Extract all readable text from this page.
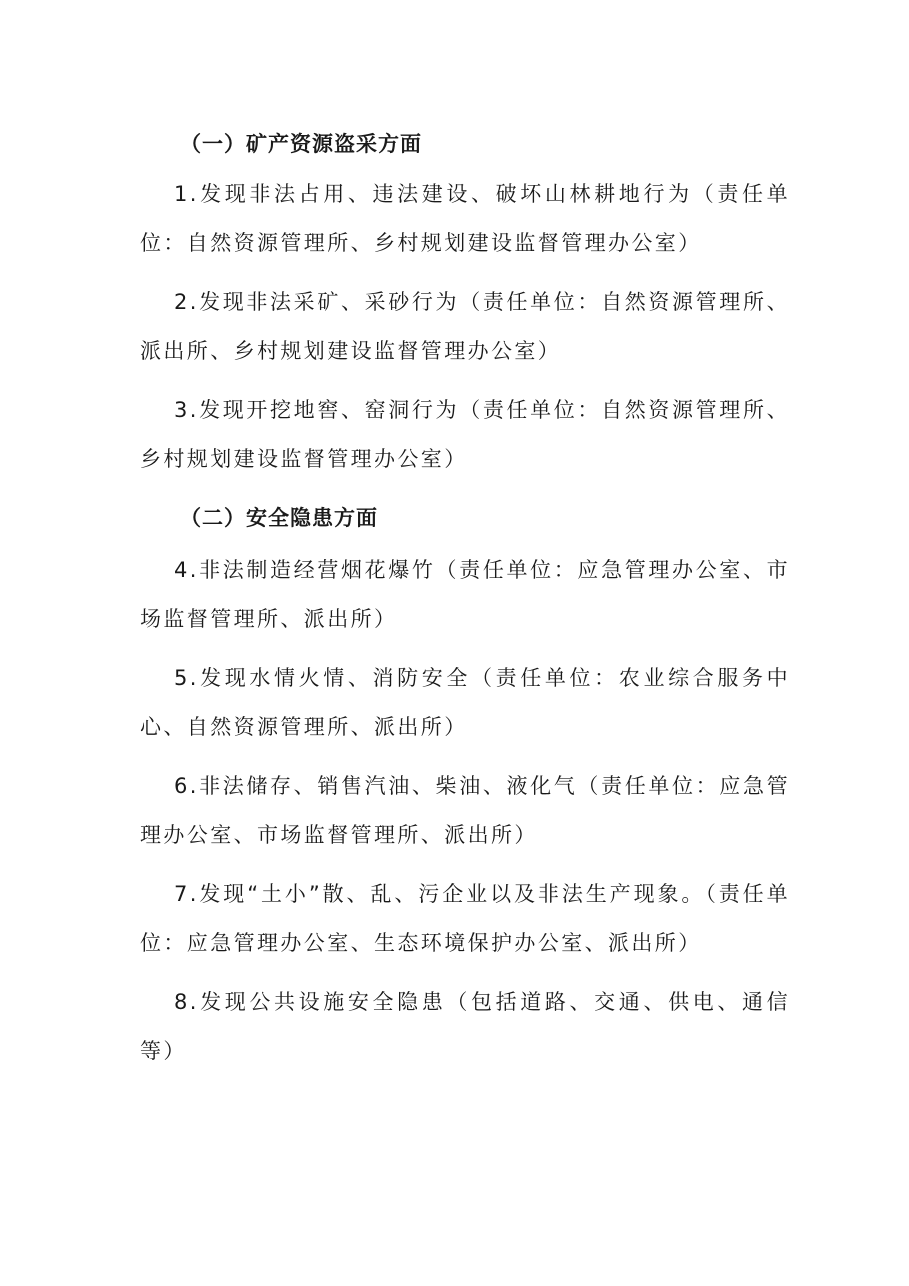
（一）矿产资源盗采方面

1.发现非法占用、违法建设、破坏山林耕地行为（责任单位：自然资源管理所、乡村规划建设监督管理办公室）

2.发现非法采矿、采砂行为（责任单位：自然资源管理所、派出所、乡村规划建设监督管理办公室）

3.发现开挖地窖、窑洞行为（责任单位：自然资源管理所、乡村规划建设监督管理办公室）

（二）安全隐患方面

4.非法制造经营烟花爆竹（责任单位：应急管理办公室、市场监督管理所、派出所）

5.发现水情火情、消防安全（责任单位：农业综合服务中心、自然资源管理所、派出所）

6.非法储存、销售汽油、柴油、液化气（责任单位：应急管理办公室、市场监督管理所、派出所）

7.发现“土小”散、乱、污企业以及非法生产现象。（责任单位：应急管理办公室、生态环境保护办公室、派出所）

8.发现公共设施安全隐患（包括道路、交通、供电、通信等）
